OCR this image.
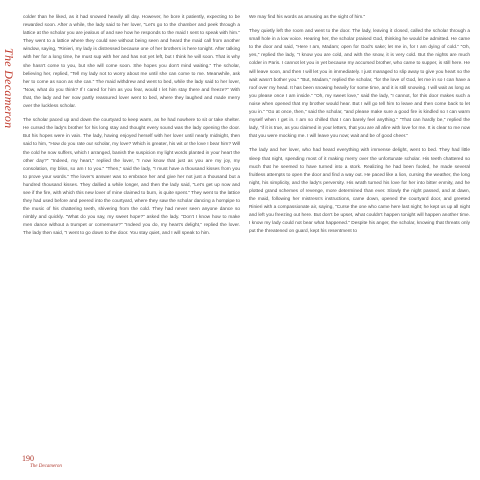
The Decameron

colder than he liked, as it had snowed heavily all day. However, he bore it patiently, expecting to be rewarded soon. After a while, the lady said to her lover, "Let's go to the chamber and peek through a lattice at the scholar you are jealous of and see how he responds to the maid I sent to speak with him." They went to a lattice where they could see without being seen and heard the maid call from another window, saying, "Rinieri, my lady is distressed because one of her brothers is here tonight. After talking with her for a long time, he must sup with her and has not yet left, but I think he will soon. That is why she hasn't come to you, but she will come soon. She hopes you don't mind waiting." The scholar, believing her, replied, "Tell my lady not to worry about me until she can come to me. Meanwhile, ask her to come as soon as she can." The maid withdrew and went to bed, while the lady said to her lover, "Now, what do you think? If I cared for him as you fear, would I let him stay there and freeze?" With that, the lady and her now partly reassured lover went to bed, where they laughed and made merry over the luckless scholar.

The scholar paced up and down the courtyard to keep warm, as he had nowhere to sit or take shelter. He cursed the lady's brother for his long stay and thought every sound was the lady opening the door. But his hopes were in vain. The lady, having enjoyed herself with her lover until nearly midnight, then said to him, "How do you rate our scholar, my love? Which is greater, his wit or the love I bear him? Will the cold he now suffers, which I arranged, banish the suspicion my light words planted in your heart the other day?" "Indeed, my heart," replied the lover, "I now know that just as you are my joy, my consolation, my bliss, so am I to you." "Then," said the lady, "I must have a thousand kisses from you to prove your words." The lover's answer was to embrace her and give her not just a thousand but a hundred thousand kisses. They dallied a while longer, and then the lady said, "Let's get up now and see if the fire, with which this new lover of mine claimed to burn, is quite spent." They went to the lattice they had used before and peered into the courtyard, where they saw the scholar dancing a hornpipe to the music of his chattering teeth, shivering from the cold. They had never seen anyone dance so nimbly and quickly. "What do you say, my sweet hope?" asked the lady. "Don't I know how to make men dance without a trumpet or cornemuse?" "Indeed you do, my heart's delight," replied the lover. The lady then said, "I went to go down to the door. You stay quiet, and I will speak to him.

We may find his words as amusing as the sight of him."

They quietly left the room and went to the door. The lady, leaving it closed, called the scholar through a small hole in a low voice. Hearing her, the scholar praised God, thinking he would be admitted. He came to the door and said, "Here I am, Madam; open for God's sake; let me in, for I am dying of cold." "Oh, yes," replied the lady, "I know you are cold, and with the snow, it is very cold. But the nights are much colder in Paris. I cannot let you in yet because my accursed brother, who came to supper, is still here. He will leave soon, and then I will let you in immediately. I just managed to slip away to give you heart so the wait wasn't bother you." "But, Madam," replied the scholar, "for the love of God, let me in so I can have a roof over my head. It has been snowing heavily for some time, and it is still snowing. I will wait as long as you please once I am inside." "Oh, my sweet love," said the lady, "I cannot, for this door makes such a noise when opened that my brother would hear. But I will go tell him to leave and then come back to let you in." "Go at once, then," said the scholar, "and please make sure a good fire is kindled so I can warm myself when I get in. I am so chilled that I can barely feel anything." "That can hardly be," replied the lady, "if it is true, as you claimed in your letters, that you are all afire with love for me. It is clear to me now that you were mocking me. I will leave you now; wait and be of good cheer."

The lady and her lover, who had heard everything with immense delight, went to bed. They had little sleep that night, spending most of it making merry over the unfortunate scholar. His teeth chattered so much that he seemed to have turned into a stork. Realizing he had been fooled, he made several fruitless attempts to open the door and find a way out. He paced like a lion, cursing the weather, the long night, his simplicity, and the lady's perversity. His wrath turned his love for her into bitter enmity, and he plotted grand schemes of revenge, more determined than ever. Slowly the night passed, and at dawn, the maid, following her mistress's instructions, came down, opened the courtyard door, and greeted Rinieri with a compassionate air, saying, "Curse the one who came here last night; he kept us up all night and left you freezing out here. But don't be upset, what couldn't happen tonight will happen another time. I know my lady could not bear what happened." Despite his anger, the scholar, knowing that threats only put the threatened on guard, kept his resentment to

190
The Decameron
